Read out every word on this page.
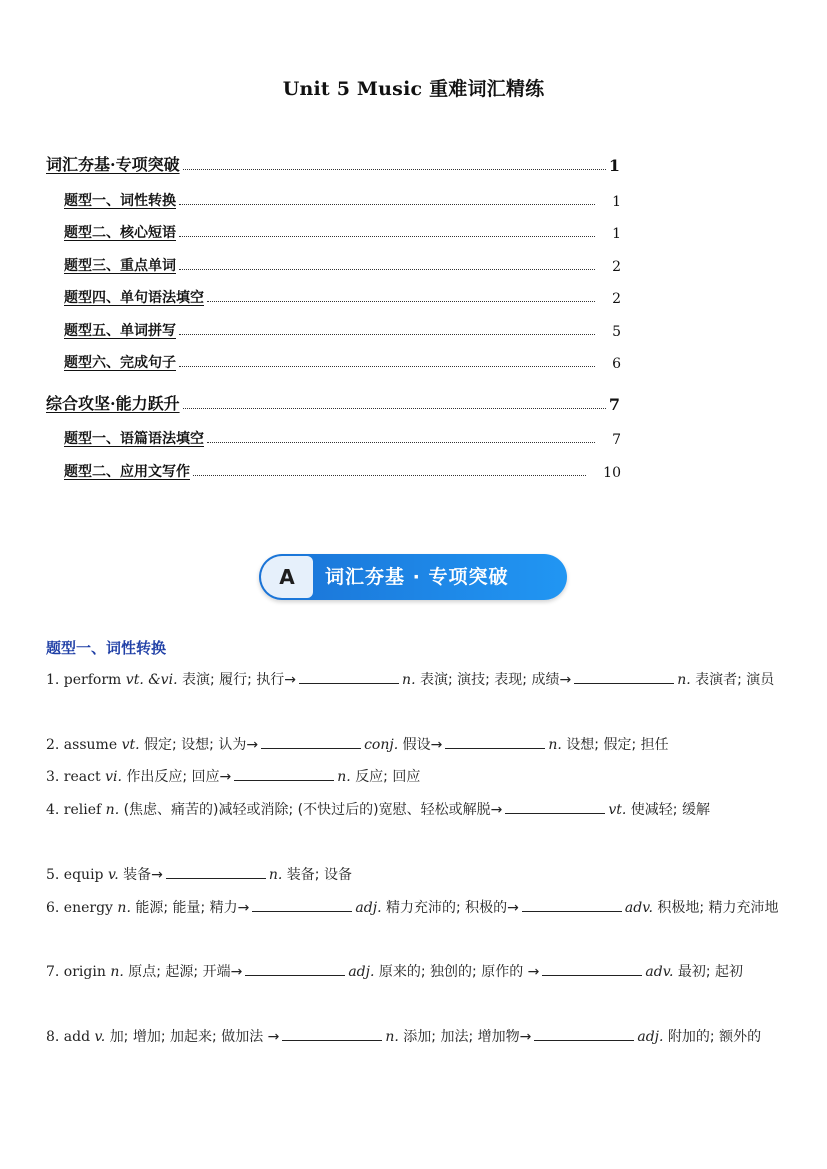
Unit 5 Music 重难词汇精练
词汇夯基·专项突破	1
题型一、词性转换	1
题型二、核心短语	1
题型三、重点单词	2
题型四、单句语法填空	2
题型五、单词拼写	5
题型六、完成句子	6
综合攻坚·能力跃升	7
题型一、语篇语法填空	7
题型二、应用文写作	10
A	词汇夯基 · 专项突破
题型一、词性转换
1. perform vt. &vi. 表演; 履行; 执行→	n. 表演; 演技; 表现; 成绩→	n. 表演者; 演员
2. assume vt. 假定; 设想; 认为→	conj. 假设→	n. 设想; 假定; 担任
3. react vi. 作出反应; 回应→	n. 反应; 回应
4. relief n. (焦虑、痛苦的)减轻或消除; (不快过后的)宽慰、轻松或解脱→	vt. 使减轻; 缓解
5. equip v. 装备→	n. 装备; 设备
6. energy n. 能源; 能量; 精力→	adj. 精力充沛的; 积极的→	adv. 积极地; 精力充沛地
7. origin n. 原点; 起源; 开端→	adj. 原来的; 独创的; 原作的 →	adv. 最初; 起初
8. add v. 加; 增加; 加起来; 做加法 →	n. 添加; 加法; 增加物→	adj. 附加的; 额外的
